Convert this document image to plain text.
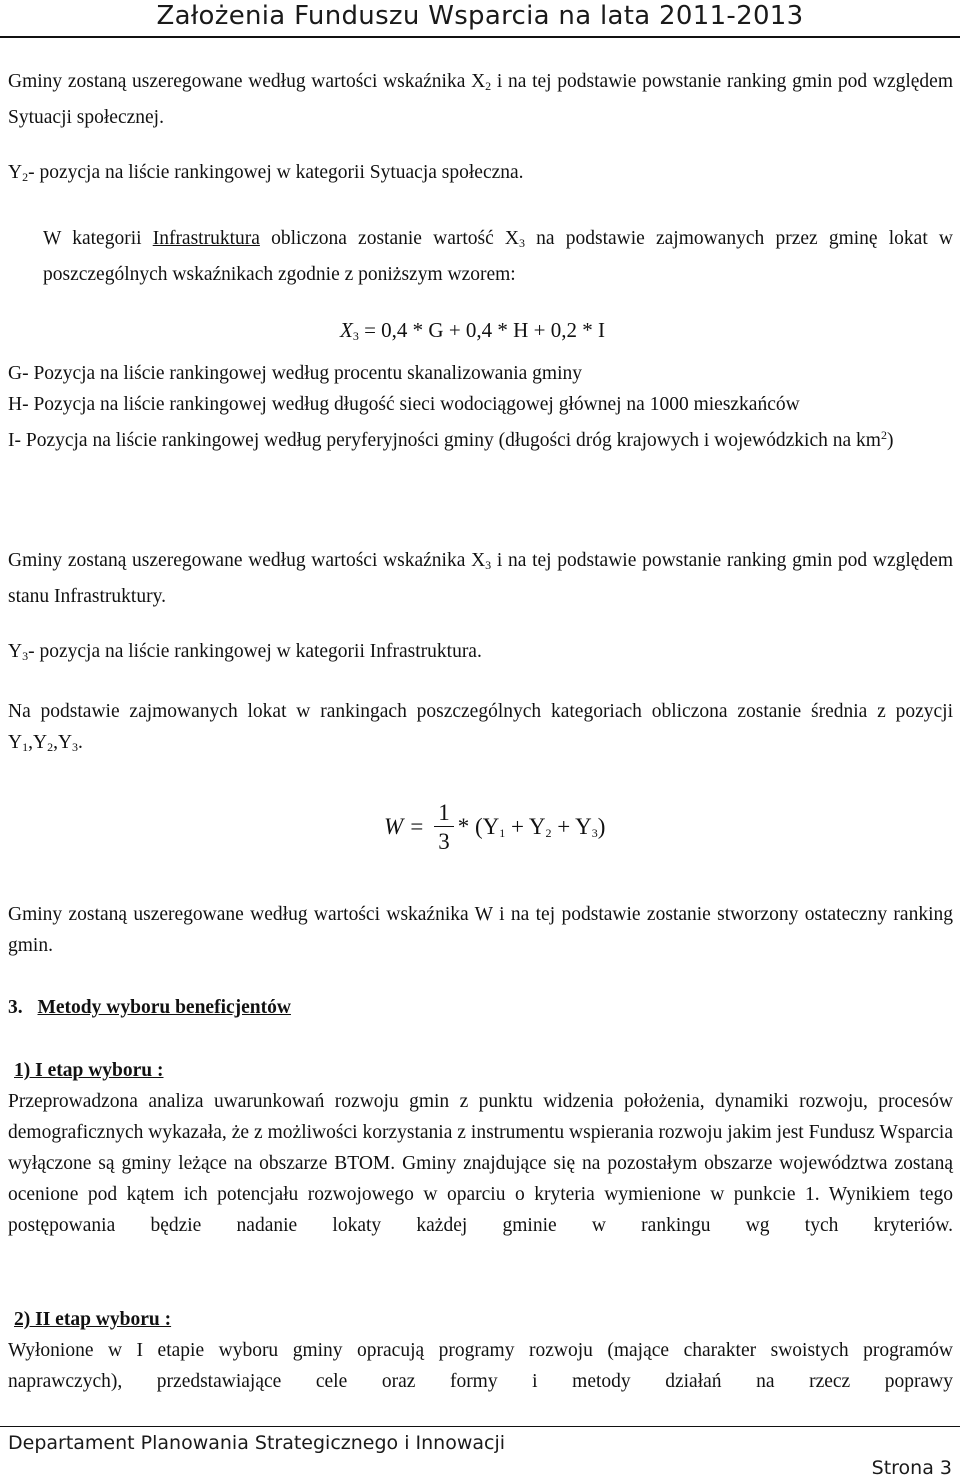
Założenia Funduszu Wsparcia na lata 2011-2013

Gminy zostaną uszeregowane według wartości wskaźnika $X_2$ i na tej podstawie powstanie ranking gmin pod względem Sytuacji społecznej.

$Y_2-$ pozycja na liście rankingowej w kategorii Sytuacja społeczna.

W kategorii Infrastruktura obliczona zostanie wartość $X_3$ na podstawie zajmowanych przez gminę lokat w poszczególnych wskaźnikach zgodnie z poniższym wzorem:

$X_3 = 0,4 * G + 0,4 * H + 0,2 * I$

G- Pozycja na liście rankingowej według procentu skanalizowania gminy

H- Pozycja na liście rankingowej według długość sieci wodociągowej głównej na 1000 mieszkańców

I- Pozycja na liście rankingowej według peryferyjności gminy (długości dróg krajowych i wojewódzkich na $km^2$)

Gminy zostaną uszeregowane według wartości wskaźnika $X_3$ i na tej podstawie powstanie ranking gmin pod względem stanu Infrastruktury.

$Y_3-$ pozycja na liście rankingowej w kategorii Infrastruktura.

Na podstawie zajmowanych lokat w rankingach poszczególnych kategoriach obliczona zostanie średnia z pozycji $Y_1,Y_2,Y_3$.

$W = \frac{1}{3} * (Y_1 + Y_2 + Y_3)$

Gminy zostaną uszeregowane według wartości wskaźnika W i na tej podstawie zostanie stworzony ostateczny ranking gmin.

3. Metody wyboru beneficjentów
1) I etap wyboru :

Przeprowadzona analiza uwarunkowań rozwoju gmin z punktu widzenia położenia, dynamiki rozwoju, procesów demograficznych wykazała, że z możliwości korzystania z instrumentu wspierania rozwoju jakim jest Fundusz Wsparcia wyłączone są gminy leżące na obszarze BTOM. Gminy znajdujące się na pozostałym obszarze województwa zostaną ocenione pod kątem ich potencjału rozwojowego w oparciu o kryteria wymienione w punkcie 1. Wynikiem tego postępowania będzie nadanie lokaty każdej gminie w rankingu wg tych kryteriów.

2) II etap wyboru :

Wyłonione w I etapie wyboru gminy opracują programy rozwoju (mające charakter swoistych programów naprawczych), przedstawiające cele oraz formy i metody działań na rzecz poprawy

Departament Planowania Strategicznego i Innowacji
Strona 3
